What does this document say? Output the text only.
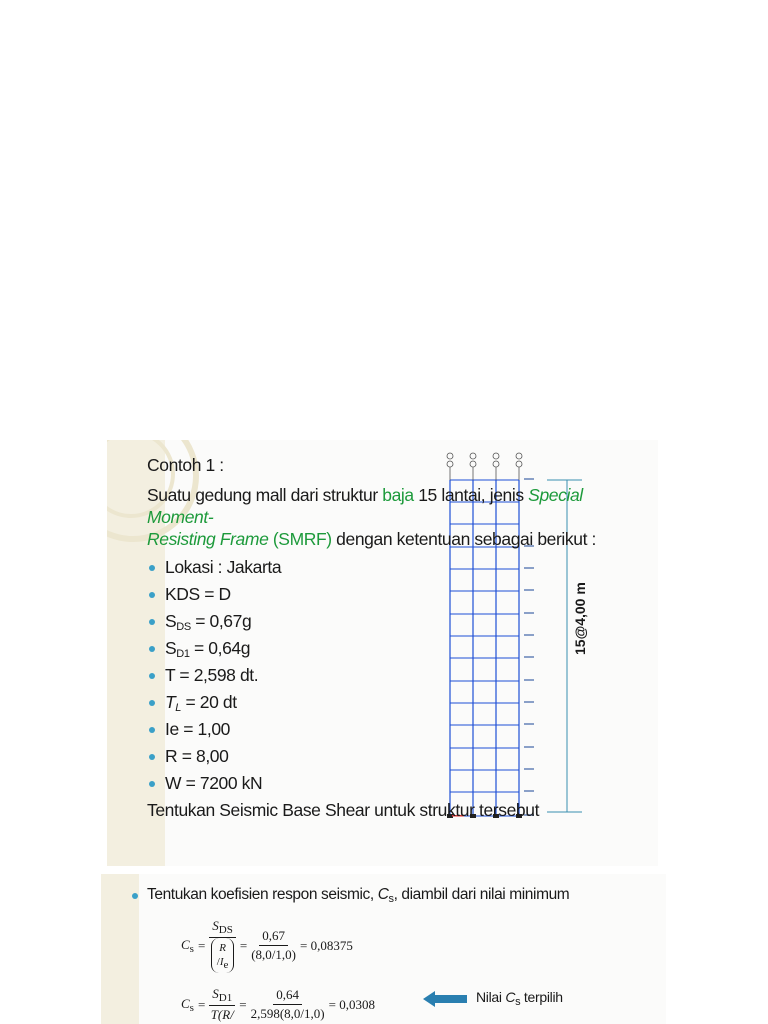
Contoh 1 :
Suatu gedung mall dari struktur baja 15 lantai, jenis Special Moment-
Resisting Frame (SMRF) dengan ketentuan sebagai berikut :
Lokasi : Jakarta
KDS = D
$S_{DS} = 0,67g$
$S_{D1} = 0,64g$
T = 2,598 dt.
$T_L = 20$ dt
Ie = 1,00
R = 8,00
W = 7200 kN
Tentukan Seismic Base Shear untuk struktur tersebut
15@4,00 m
Tentukan koefisien respon seismic, $C_s$, diambil dari nilai minimum
$C_s = S_{DS}$
R
$/I_e = \frac{0,67}{(8,0/1,0)} = 0,08375$
$C_s = \frac{S_{D1}}{T(R/} = \frac{0,64}{2,598(8,0/1,0)} = 0,0308$	Nilai $C_s$ terpilih
